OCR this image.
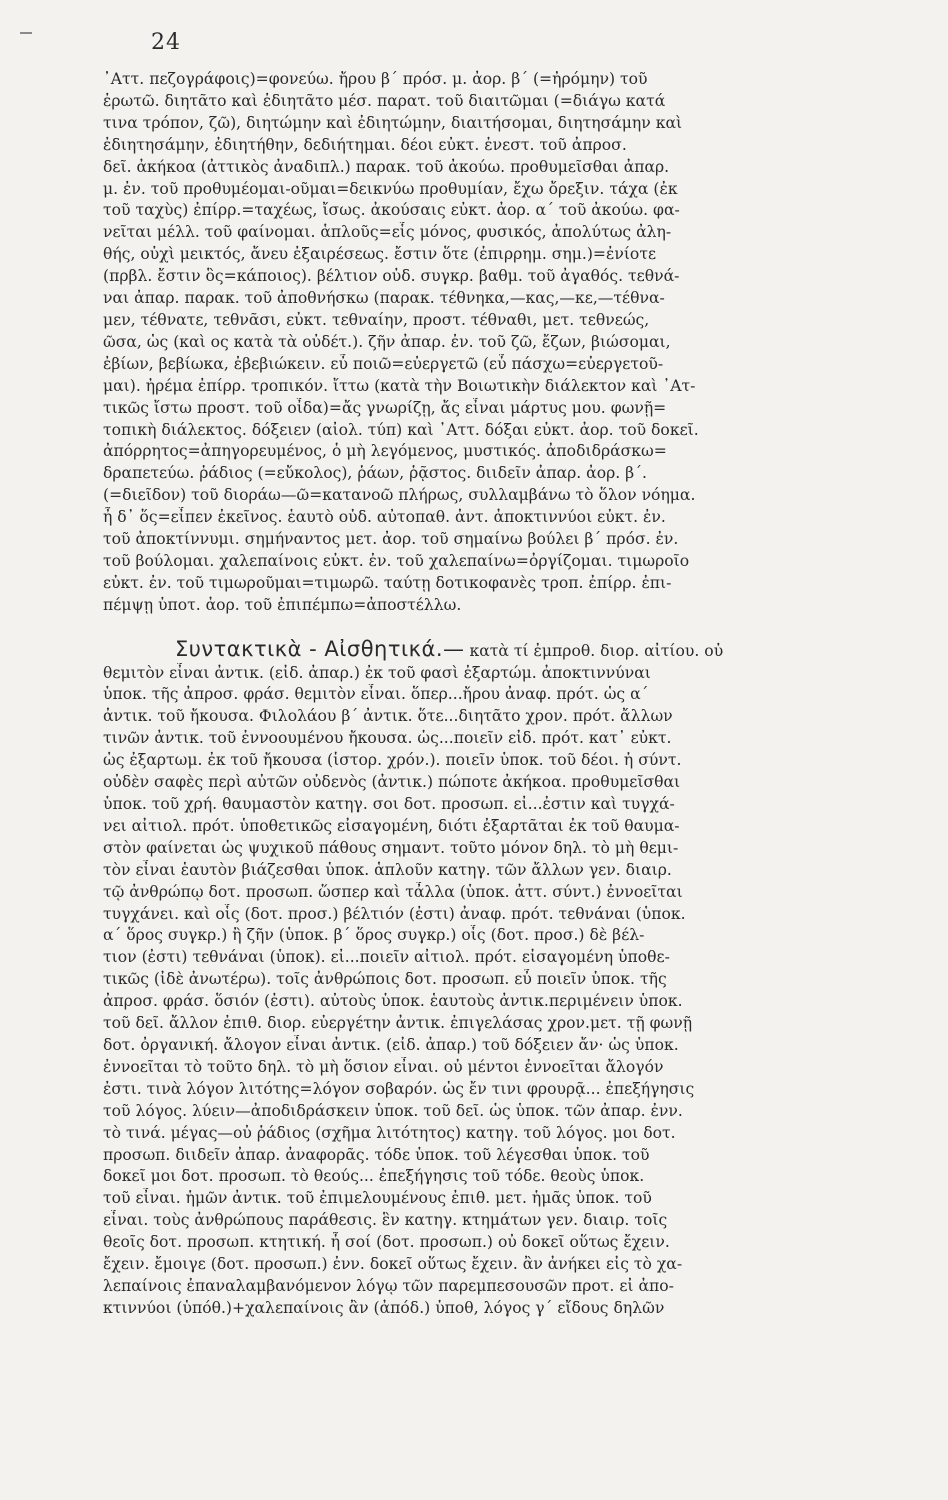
24
᾽Αττ. πεζογράφοις)=φονεύω. ἤρου β΄ πρόσ. μ. ἀορ. β΄ (=ἠρόμην) τοῦ
ἐρωτῶ. διητᾶτο καὶ ἐδιητᾶτο μέσ. παρατ. τοῦ διαιτῶμαι (=διάγω κατά
τινα τρόπον, ζῶ), διητώμην καὶ ἐδιητώμην, διαιτήσομαι, διητησάμην καὶ
ἐδιητησάμην, ἐδιητήθην, δεδιήτημαι. δέοι εὐκτ. ἐνεστ. τοῦ ἀπροσ.
δεῖ. ἀκήκοα (ἀττικὸς ἀναδιπλ.) παρακ. τοῦ ἀκούω. προθυμεῖσθαι ἀπαρ.
μ. ἐν. τοῦ προθυμέομαι-οῦμαι=δεικνύω προθυμίαν, ἔχω ὄρεξιν. τάχα (ἐκ
τοῦ ταχὺς) ἐπίρρ.=ταχέως, ἴσως. ἀκούσαις εὐκτ. ἀορ. α΄ τοῦ ἀκούω. φα-
νεῖται μέλλ. τοῦ φαίνομαι. ἁπλοῦς=εἷς μόνος, φυσικός, ἀπολύτως ἀλη-
θής, οὐχὶ μεικτός, ἄνευ ἐξαιρέσεως. ἔστιν ὅτε (ἐπιρρημ. σημ.)=ἐνίοτε
(πρβλ. ἔστιν ὃς=κάποιος). βέλτιον οὐδ. συγκρ. βαθμ. τοῦ ἀγαθός. τεθνά-
ναι ἀπαρ. παρακ. τοῦ ἀποθνήσκω (παρακ. τέθνηκα,—κας,—κε,—τέθνα-
μεν, τέθνατε, τεθνᾶσι, εὐκτ. τεθναίην, προστ. τέθναθι, μετ. τεθνεώς,
ῶσα, ὡς (καὶ ος κατὰ τὰ οὐδέτ.). ζῆν ἀπαρ. ἐν. τοῦ ζῶ, ἔζων, βιώσομαι,
ἐβίων, βεβίωκα, ἐβεβιώκειν. εὖ ποιῶ=εὐεργετῶ (εὖ πάσχω=εὐεργετοῦ-
μαι). ἠρέμα ἐπίρρ. τροπικόν. ἴττω (κατὰ τὴν Βοιωτικὴν διάλεκτον καὶ ᾽Ατ-
τικῶς ἴστω προστ. τοῦ οἶδα)=ἄς γνωρίζῃ, ἄς εἶναι μάρτυς μου. φωνῇ=
τοπικὴ διάλεκτος. δόξειεν (αἰολ. τύπ) καὶ ᾽Αττ. δόξαι εὐκτ. ἀορ. τοῦ δοκεῖ.
ἀπόρρητος=ἀπηγορευμένος, ὁ μὴ λεγόμενος, μυστικός. ἀποδιδράσκω=
δραπετεύω. ῥάδιος (=εὔκολος), ῥάων, ῥᾷστος. διιδεῖν ἀπαρ. ἀορ. β΄.
(=διεῖδον) τοῦ διοράω—ῶ=κατανοῶ πλήρως, συλλαμβάνω τὸ ὅλον νόημα.
ἦ δ᾽ ὅς=εἶπεν ἐκεῖνος. ἑαυτὸ οὐδ. αὐτοπαθ. ἀντ. ἀποκτιννύοι εὐκτ. ἐν.
τοῦ ἀποκτίννυμι. σημήναντος μετ. ἀορ. τοῦ σημαίνω βούλει β΄ πρόσ. ἐν.
τοῦ βούλομαι. χαλεπαίνοις εὐκτ. ἐν. τοῦ χαλεπαίνω=ὀργίζομαι. τιμωροῖο
εὐκτ. ἐν. τοῦ τιμωροῦμαι=τιμωρῶ. ταύτῃ δοτικοφανὲς τροπ. ἐπίρρ. ἐπι-
πέμψῃ ὑποτ. ἀορ. τοῦ ἐπιπέμπω=ἀποστέλλω.
Συντακτικὰ - Αἰσθητικά.— κατὰ τί ἐμπροθ. διορ. αἰτίου. οὐ
θεμιτὸν εἶναι ἀντικ. (εἰδ. ἀπαρ.) ἐκ τοῦ φασὶ ἐξαρτώμ. ἀποκτιννύναι
ὑποκ. τῆς ἀπροσ. φράσ. θεμιτὸν εἶναι. ὅπερ...ἤρου ἀναφ. πρότ. ὡς α΄
ἀντικ. τοῦ ἤκουσα. Φιλολάου β΄ ἀντικ. ὅτε...διητᾶτο χρον. πρότ. ἄλλων
τινῶν ἀντικ. τοῦ ἐννοουμένου ἤκουσα. ὡς...ποιεῖν εἰδ. πρότ. κατ᾽ εὐκτ.
ὡς ἐξαρτωμ. ἐκ τοῦ ἤκουσα (ἱστορ. χρόν.). ποιεῖν ὑποκ. τοῦ δέοι. ἡ σύντ.
οὐδὲν σαφὲς περὶ αὐτῶν οὐδενὸς (ἀντικ.) πώποτε ἀκήκοα. προθυμεῖσθαι
ὑποκ. τοῦ χρή. θαυμαστὸν κατηγ. σοι δοτ. προσωπ. εἰ...ἐστιν καὶ τυγχά-
νει αἰτιολ. πρότ. ὑποθετικῶς εἰσαγομένη, διότι ἐξαρτᾶται ἐκ τοῦ θαυμα-
στὸν φαίνεται ὡς ψυχικοῦ πάθους σημαντ. τοῦτο μόνον δηλ. τὸ μὴ θεμι-
τὸν εἶναι ἑαυτὸν βιάζεσθαι ὑποκ. ἁπλοῦν κατηγ. τῶν ἄλλων γεν. διαιρ.
τῷ ἀνθρώπῳ δοτ. προσωπ. ὥσπερ καὶ τἆλλα (ὑποκ. ἀττ. σύντ.) ἐννοεῖται
τυγχάνει. καὶ οἷς (δοτ. προσ.) βέλτιόν (ἐστι) ἀναφ. πρότ. τεθνάναι (ὑποκ.
α΄ ὅρος συγκρ.) ἢ ζῆν (ὑποκ. β΄ ὅρος συγκρ.) οἷς (δοτ. προσ.) δὲ βέλ-
τιον (ἐστι) τεθνάναι (ὑποκ). εἰ...ποιεῖν αἰτιολ. πρότ. εἰσαγομένη ὑποθε-
τικῶς (ἰδὲ ἀνωτέρω). τοῖς ἀνθρώποις δοτ. προσωπ. εὖ ποιεῖν ὑποκ. τῆς
ἀπροσ. φράσ. ὅσιόν (ἐστι). αὐτοὺς ὑποκ. ἑαυτοὺς ἀντικ.περιμένειν ὑποκ.
τοῦ δεῖ. ἄλλον ἐπιθ. διορ. εὐεργέτην ἀντικ. ἐπιγελάσας χρον.μετ. τῇ φωνῇ
δοτ. ὀργανική. ἄλογον εἶναι ἀντικ. (εἰδ. ἀπαρ.) τοῦ δόξειεν ἄν· ὡς ὑποκ.
ἐννοεῖται τὸ τοῦτο δηλ. τὸ μὴ ὅσιον εἶναι. οὐ μέντοι ἐννοεῖται ἄλογόν
ἐστι. τινὰ λόγον λιτότης=λόγον σοβαρόν. ὡς ἔν τινι φρουρᾷ... ἐπεξήγησις
τοῦ λόγος. λύειν—ἀποδιδράσκειν ὑποκ. τοῦ δεῖ. ὡς ὑποκ. τῶν ἀπαρ. ἐνν.
τὸ τινά. μέγας—οὐ ῥάδιος (σχῆμα λιτότητος) κατηγ. τοῦ λόγος. μοι δοτ.
προσωπ. διιδεῖν ἀπαρ. ἀναφορᾶς. τόδε ὑποκ. τοῦ λέγεσθαι ὑποκ. τοῦ
δοκεῖ μοι δοτ. προσωπ. τὸ θεούς... ἐπεξήγησις τοῦ τόδε. θεοὺς ὑποκ.
τοῦ εἶναι. ἡμῶν ἀντικ. τοῦ ἐπιμελουμένους ἐπιθ. μετ. ἡμᾶς ὑποκ. τοῦ
εἶναι. τοὺς ἀνθρώπους παράθεσις. ἓν κατηγ. κτημάτων γεν. διαιρ. τοῖς
θεοῖς δοτ. προσωπ. κτητική. ἦ σοί (δοτ. προσωπ.) οὐ δοκεῖ οὕτως ἔχειν.
ἔχειν. ἔμοιγε (δοτ. προσωπ.) ἐνν. δοκεῖ οὕτως ἔχειν. ἂν ἀνήκει εἰς τὸ χα-
λεπαίνοις ἐπαναλαμβανόμενον λόγῳ τῶν παρεμπεσουσῶν προτ. εἰ ἀπο-
κτιννύοι (ὑπόθ.)+χαλεπαίνοις ἂν (ἀπόδ.) ὑποθ, λόγος γ΄ εἴδους δηλῶν
